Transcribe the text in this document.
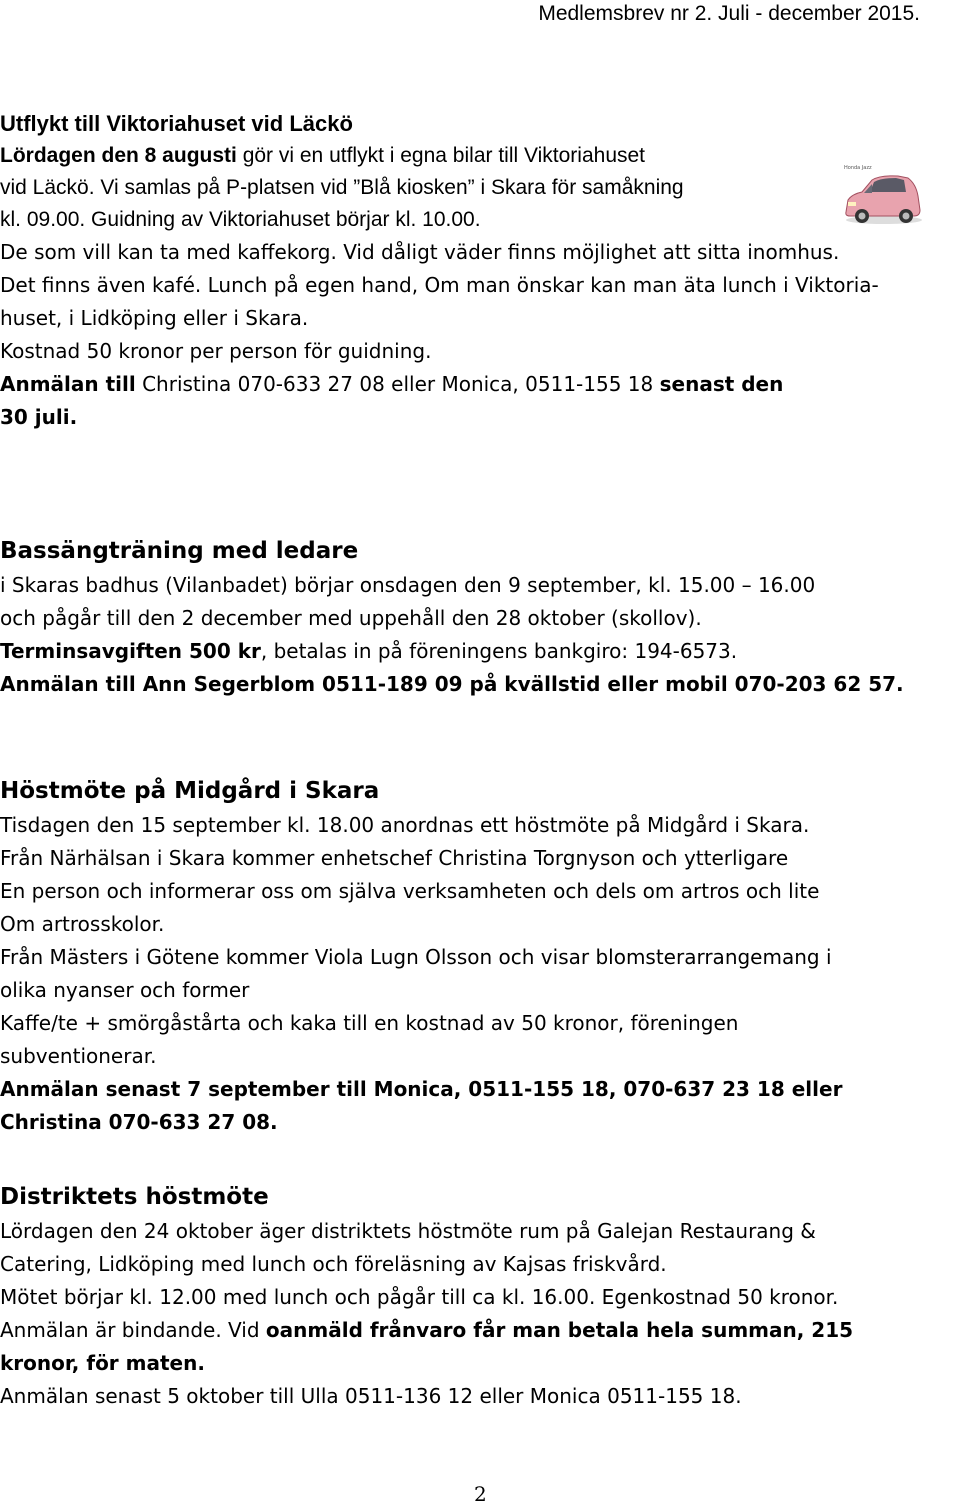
Medlemsbrev nr 2. Juli - december 2015.
Utflykt till Viktoriahuset vid Läckö
Lördagen den 8 augusti gör vi en utflykt i egna bilar till Viktoriahuset
vid Läckö. Vi samlas på P-platsen vid ”Blå kiosken” i Skara för samåkning
kl. 09.00. Guidning av Viktoriahuset börjar kl. 10.00.
De som vill kan ta med kaffekorg. Vid dåligt väder finns möjlighet att sitta inomhus.
Det finns även kafé. Lunch på egen hand, Om man önskar kan man äta lunch i Viktoria-
huset, i Lidköping eller i Skara.
Kostnad 50 kronor per person för guidning.
Anmälan till Christina 070-633 27 08 eller Monica, 0511-155 18 senast den
30 juli.
Honda Jazz
Bassängträning med ledare
i Skaras badhus (Vilanbadet) börjar onsdagen den 9 september, kl. 15.00 – 16.00
och pågår till den 2 december med uppehåll den 28 oktober (skollov).
Terminsavgiften 500 kr, betalas in på föreningens bankgiro: 194-6573.
Anmälan till Ann Segerblom 0511-189 09 på kvällstid eller mobil 070-203 62 57.
Höstmöte på Midgård i Skara
Tisdagen den 15 september kl. 18.00 anordnas ett höstmöte på Midgård i Skara.
Från Närhälsan i Skara kommer enhetschef Christina Torgnyson och ytterligare
En person och informerar oss om själva verksamheten och dels om artros och lite
Om artrosskolor.
Från Mästers i Götene kommer Viola Lugn Olsson och visar blomsterarrangemang i
olika nyanser och former
Kaffe/te + smörgåstårta och kaka till en kostnad av 50 kronor, föreningen
subventionerar.
Anmälan senast 7 september till Monica, 0511-155 18, 070-637 23 18 eller
Christina 070-633 27 08.
Distriktets höstmöte
Lördagen den 24 oktober äger distriktets höstmöte rum på Galejan Restaurang &
Catering, Lidköping med lunch och föreläsning av Kajsas friskvård.
Mötet börjar kl. 12.00 med lunch och pågår till ca kl. 16.00. Egenkostnad 50 kronor.
Anmälan är bindande. Vid oanmäld frånvaro får man betala hela summan, 215
kronor, för maten.
Anmälan senast 5 oktober till Ulla 0511-136 12 eller Monica 0511-155 18.
2
